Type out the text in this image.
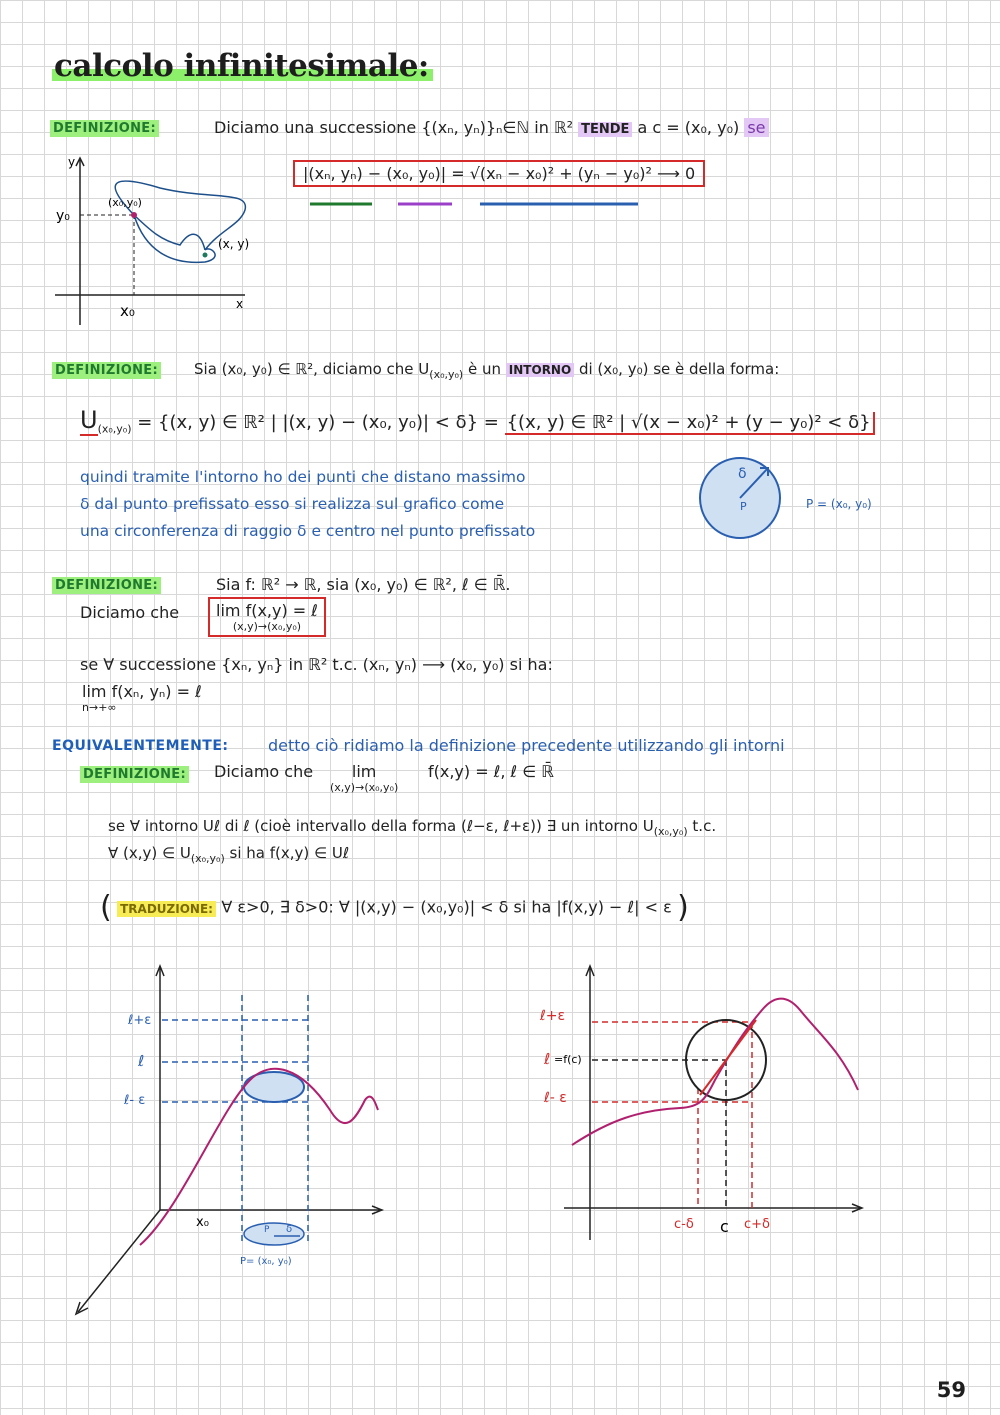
calcolo infinitesimale:
DEFINIZIONE:	Diciamo una successione {(xₙ, yₙ)}ₙ∈ℕ in ℝ² TENDE a c = (x₀, y₀) se
|(xₙ, yₙ) − (x₀, y₀)| = √(xₙ − x₀)² + (yₙ − y₀)² ⟶ 0
y
x
y₀
x₀
(x₀,y₀)
(x, y)
DEFINIZIONE: Sia (x₀, y₀) ∈ ℝ², diciamo che $U_{(x_0,y_0)}$ è un INTORNO di (x₀, y₀) se è della forma:
$U_{(x_0,y_0)} = \{(x$, y) ∈ ℝ² | |(x, y) − (x₀, y₀)| < δ} = {(x, y) ∈ ℝ² | √(x − x₀)² + (y − y₀)² < δ}
quindi tramite l'intorno ho dei punti che distano massimo
δ dal punto prefissato esso si realizza sul grafico come
una circonferenza di raggio δ e centro nel punto prefissato
δ
P	P = (x₀, y₀)
DEFINIZIONE:	Sia f: ℝ² → ℝ, sia (x₀, y₀) ∈ ℝ², ℓ ∈ ℝ̄.
Diciamo che lim f(x,y) = ℓ
(x,y)→(x₀,y₀)
se ∀ successione {xₙ, yₙ} in ℝ² t.c. (xₙ, yₙ) ⟶ (x₀, y₀) si ha:
lim f(xₙ, yₙ) = ℓ
n→+∞
EQUIVALENTEMENTE: detto ciò ridiamo la definizione precedente utilizzando gli intorni
DEFINIZIONE: Diciamo che	lim
(x,y)→(x₀,y₀)
f(x,y) = ℓ, ℓ ∈ ℝ̄
se ∀ intorno Uℓ di ℓ (cioè intervallo della forma (ℓ−ε, ℓ+ε)) ∃ un intorno $U_{(x_0,y_0)}$ t.c.
∀ (x,y) ∈ $U_{(x_0,y_0)}$ si ha f(x,y) ∈ Uℓ
( TRADUZIONE: ∀ ε>0, ∃ δ>0: ∀ |(x,y) − (x₀,y₀)| < δ si ha |f(x,y) − ℓ| < ε )
ℓ+ε
ℓ
ℓ- ε
x₀	P δ
P= (x₀, y₀)
ℓ+ε
ℓ =f(c)
ℓ- ε
c-δ c c+δ
59
